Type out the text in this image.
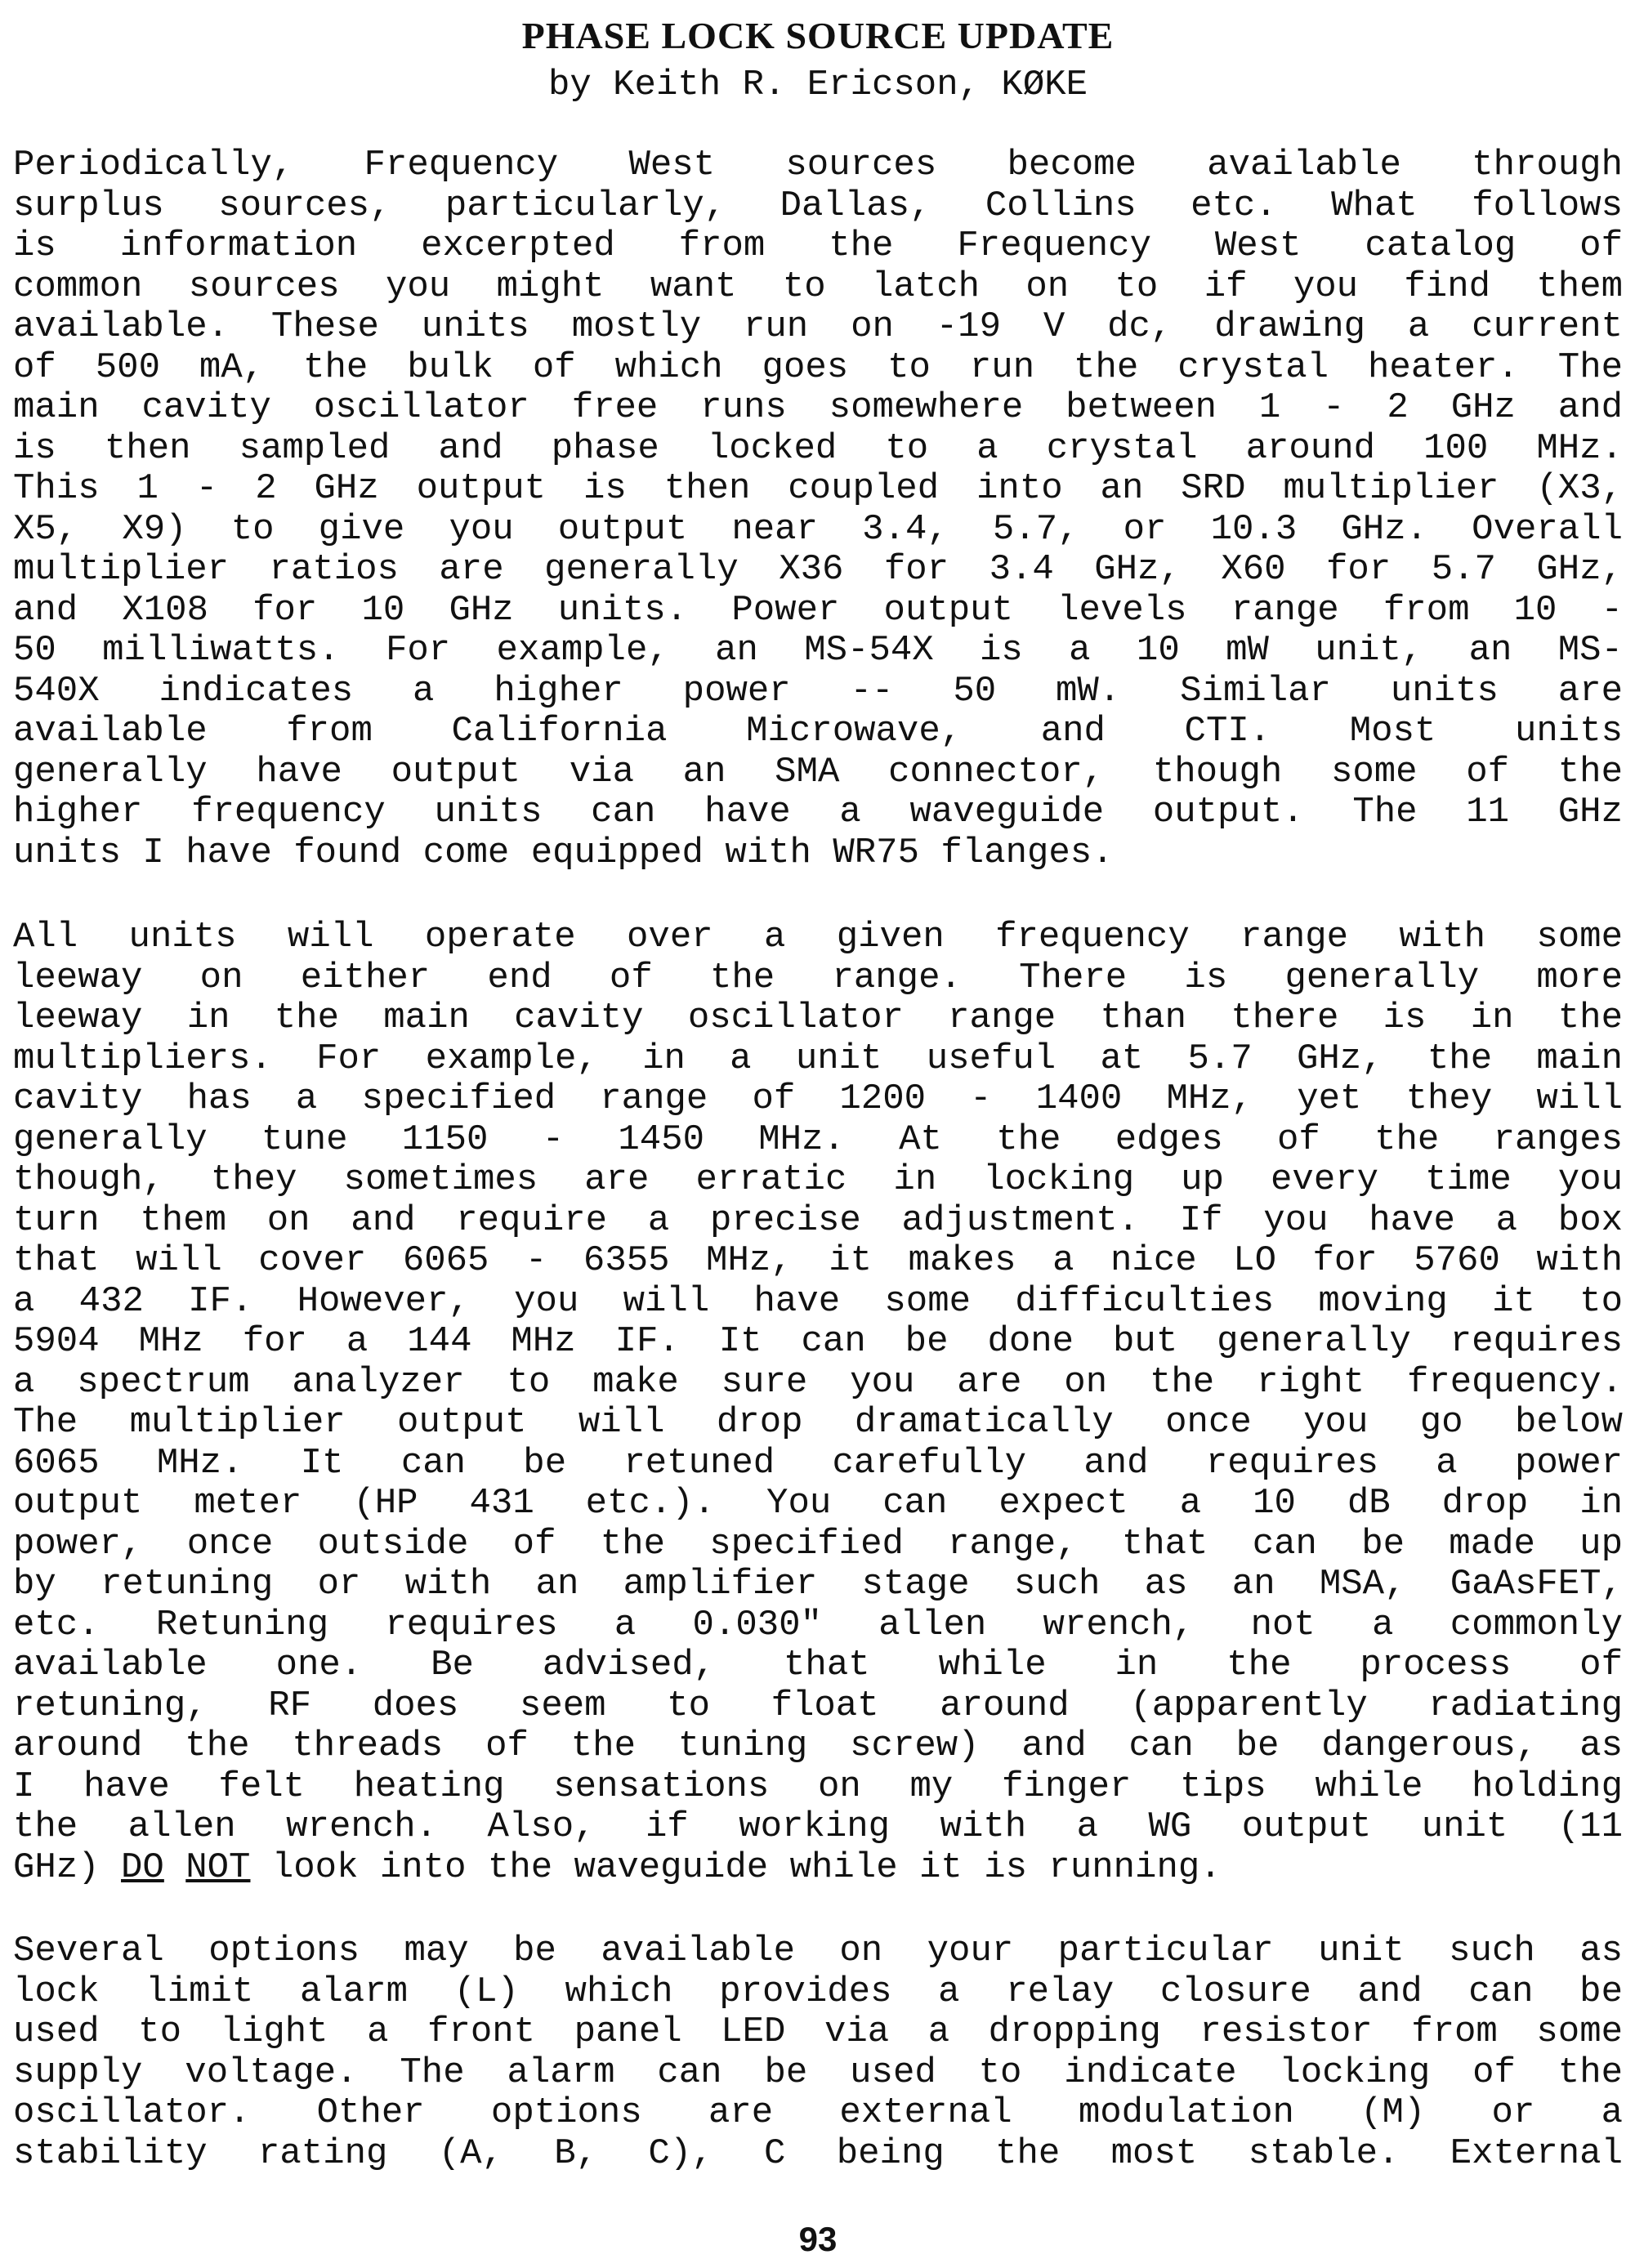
PHASE LOCK SOURCE UPDATE
by Keith R. Ericson, KØKE
Periodically, Frequency West sources become available through
surplus sources, particularly, Dallas, Collins etc. What follows
is information excerpted from the Frequency West catalog of
common sources you might want to latch on to if you find them
available. These units mostly run on -19 V dc, drawing a current
of 500 mA, the bulk of which goes to run the crystal heater. The
main cavity oscillator free runs somewhere between 1 - 2 GHz and
is then sampled and phase locked to a crystal around 100 MHz.
This 1 - 2 GHz output is then coupled into an SRD multiplier (X3,
X5, X9) to give you output near 3.4, 5.7, or 10.3 GHz. Overall
multiplier ratios are generally X36 for 3.4 GHz, X60 for 5.7 GHz,
and X108 for 10 GHz units. Power output levels range from 10 -
50 milliwatts. For example, an MS-54X is a 10 mW unit, an MS-
540X indicates a higher power -- 50 mW. Similar units are
available from California Microwave, and CTI. Most units
generally have output via an SMA connector, though some of the
higher frequency units can have a waveguide output. The 11 GHz
units I have found come equipped with WR75 flanges.
All units will operate over a given frequency range with some
leeway on either end of the range. There is generally more
leeway in the main cavity oscillator range than there is in the
multipliers. For example, in a unit useful at 5.7 GHz, the main
cavity has a specified range of 1200 - 1400 MHz, yet they will
generally tune 1150 - 1450 MHz. At the edges of the ranges
though, they sometimes are erratic in locking up every time you
turn them on and require a precise adjustment. If you have a box
that will cover 6065 - 6355 MHz, it makes a nice LO for 5760 with
a 432 IF. However, you will have some difficulties moving it to
5904 MHz for a 144 MHz IF. It can be done but generally requires
a spectrum analyzer to make sure you are on the right frequency.
The multiplier output will drop dramatically once you go below
6065 MHz. It can be retuned carefully and requires a power
output meter (HP 431 etc.). You can expect a 10 dB drop in
power, once outside of the specified range, that can be made up
by retuning or with an amplifier stage such as an MSA, GaAsFET,
etc. Retuning requires a 0.030" allen wrench, not a commonly
available one. Be advised, that while in the process of
retuning, RF does seem to float around (apparently radiating
around the threads of the tuning screw) and can be dangerous, as
I have felt heating sensations on my finger tips while holding
the allen wrench. Also, if working with a WG output unit (11
GHz) DO NOT look into the waveguide while it is running.
Several options may be available on your particular unit such as
lock limit alarm (L) which provides a relay closure and can be
used to light a front panel LED via a dropping resistor from some
supply voltage. The alarm can be used to indicate locking of the
oscillator. Other options are external modulation (M) or a
stability rating (A, B, C), C being the most stable. External
93
